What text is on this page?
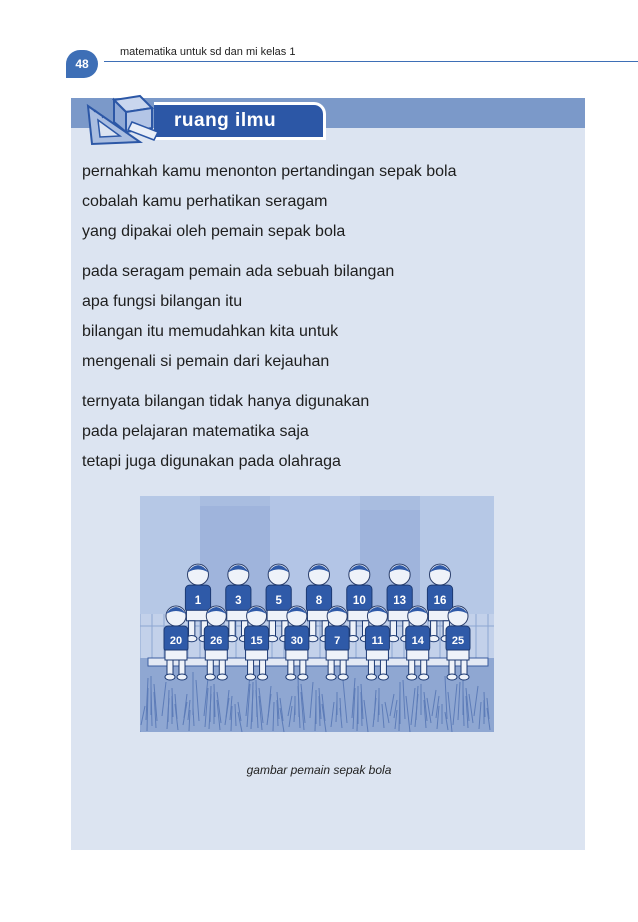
48
matematika untuk sd dan mi kelas 1
ruang ilmu

pernahkah kamu menonton pertandingan sepak bola
cobalah kamu perhatikan seragam
yang dipakai oleh pemain sepak bola

pada seragam pemain ada sebuah bilangan
apa fungsi bilangan itu
bilangan itu memudahkan kita untuk
mengenali si pemain dari kejauhan

ternyata bilangan tidak hanya digunakan
pada pelajaran matematika saja
tetapi juga digunakan pada olahraga

1	3	5	8	10 13 16
20	26	15	30	7	11	14	25
gambar pemain sepak bola
